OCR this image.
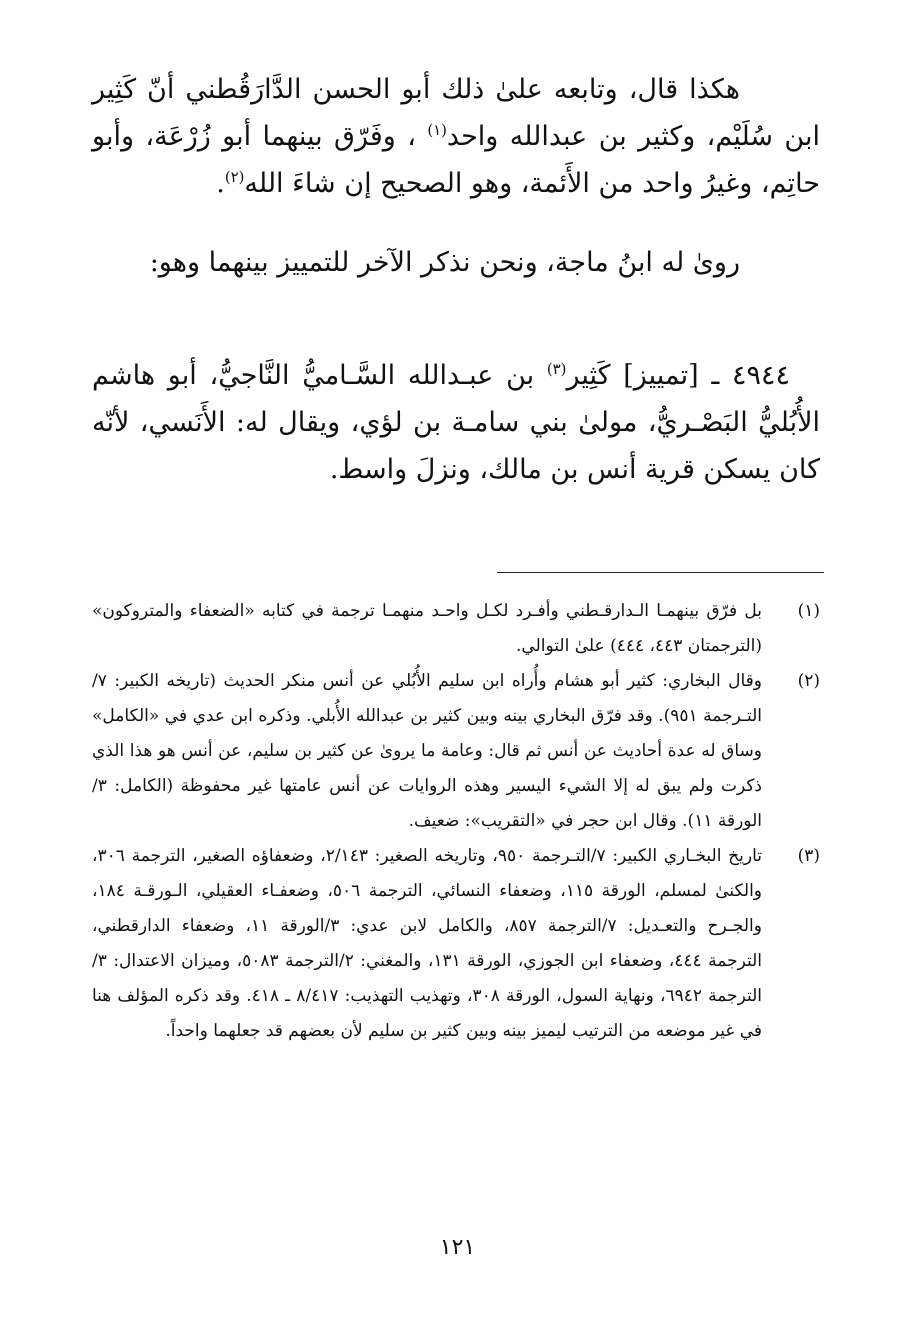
هكذا قال، وتابعه علىٰ ذلك أبو الحسن الدَّارَقُطني أنّ كَثِير ابن سُلَيْم، وكثير بن عبدالله واحد$^{(١)}$ ، وفَرّق بينهما أبو زُرْعَة، وأبو حاتِم، وغيرُ واحد من الأَئمة، وهو الصحيح إن شاءَ الله$^{(٢)}$.

روىٰ له ابنُ ماجة، ونحن نذكر الآخر للتمييز بينهما وهو:

٤٩٤٤ ـ [تمييز] كَثِير$^{(٣)}$ بن عبـدالله السَّـاميُّ النَّاجيُّ، أبو هاشم الأُبُليُّ البَصْـريُّ، مولىٰ بني سامـة بن لؤي، ويقال له: الأَنَسي، لأنّه كان يسكن قرية أنس بن مالك، ونزلَ واسط.

(١)
بل فرّق بينهمـا الـدارقـطني وأفـرد لكـل واحـد منهمـا ترجمة في كتابه «الضعفاء والمتروكون» (الترجمتان ٤٤٣، ٤٤٤) علىٰ التوالي.
(٢)
وقال البخاري: كثير أبو هشام وأُراه ابن سليم الأُبُلي عن أنس منكر الحديث (تاريخه الكبير: ٧/التـرجمة ٩٥١). وقد فرّق البخاري بينه وبين كثير بن عبدالله الأُبلي. وذكره ابن عدي في «الكامل» وساق له عدة أحاديث عن أنس ثم قال: وعامة ما يروىٰ عن كثير بن سليم، عن أنس هو هذا الذي ذكرت ولم يبق له إلا الشيء اليسير وهذه الروايات عن أنس عامتها غير محفوظة (الكامل: ٣/الورقة ١١). وقال ابن حجر في «التقريب»: ضعيف.
(٣)
تاريخ البخـاري الكبير: ٧/التـرجمة ٩٥٠، وتاريخه الصغير: ٢/١٤٣، وضعفاؤه الصغير، الترجمة ٣٠٦، والكنىٰ لمسلم، الورقة ١١٥، وضعفاء النسائي، الترجمة ٥٠٦، وضعفـاء العقيلي، الـورقـة ١٨٤، والجـرح والتعـديل: ٧/الترجمة ٨٥٧، والكامل لابن عدي: ٣/الورقة ١١، وضعفاء الدارقطني، الترجمة ٤٤٤، وضعفاء ابن الجوزي، الورقة ١٣١، والمغني: ٢/الترجمة ٥٠٨٣، وميزان الاعتدال: ٣/الترجمة ٦٩٤٢، ونهاية السول، الورقة ٣٠٨، وتهذيب التهذيب: ٨/٤١٧ ـ ٤١٨. وقد ذكره المؤلف هنا في غير موضعه من الترتيب ليميز بينه وبين كثير بن سليم لأن بعضهم قد جعلهما واحداً.
١٢١
